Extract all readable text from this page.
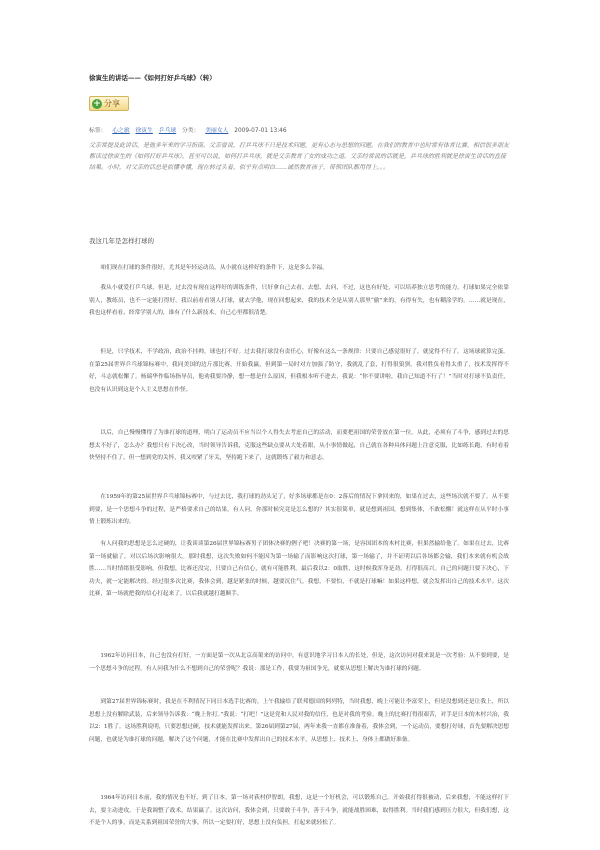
徐寅生的讲话——《如何打好乒乓球》（转）
+ 分享
标签： 心之旅 徐寅生 乒乓球 分类： 美丽女人 2009-07-01 13:46

父亲常提及此讲话，是他多年来的学习指南。父亲曾说，打乒乓球不只是技术问题，更有心态与思想的问题。在我们的教育中也时常有体育比赛，相信很多朋友都读过徐寅生的《如何打好乒乓球》，甚至可以说，如何打乒乓球，就是父亲教育了女的成功之道。父亲经常说的话就是，乒乓球的胜利就是徐寅生讲话的直接结果。小时，对父亲的话总是似懂非懂，现在转过头看，似乎有点明白……诚然教育孩子，带领团队都用得上。。。

我这几年是怎样打球的

咱们现在打球的条件很好，尤其是年轻运动员，从小就在这样好的条件下，这是多么幸福。

我从小就爱打乒乓球，但是，过去没有现在这样好的训练条件，只好拿自己去看、去想、去问、不过，这也有好处，可以培养独立思考的能力。打球如果完全依靠别人，教练员，也不一定能打得好。我以前看看别人打球，就去学他，现在回想起来，我的技术全是从别人那里“偷”来的，有得有失，也有糊涂学的。……就是现在，我也这样看看、经常学别人的，谁有了什么新技术，自己心里都很清楚。

但是，只学技术，不学政治，政治不挂帅，球也打不好。过去我打球没有责任心，好像有这么一条规律：只要自己感觉很好了，就觉得不行了。这场球就算完蛋。在第25届世界乒乓球锦标赛中，我同美国的边斤那比赛，开始我赢，但到第一局时对方加强了防守，我就乱了套，打得很狼狈。我对胜负看得太重了，技术发挥得不好，斗志就松懈了。杨瑞华作临场指导员，他劝我要冷静，想一想是什么原因，但我根本听不进去，我说：“你不要讲啦，我自己知道不行了！”当时对打球不负责任，也没有认识到这是个人主义思想在作怪。

以后，自己慢慢懂得了为谁打球的道理，明白了运动员不应当以个人得失去考虑自己的活动，而要把祖国的荣誉放在第一位。从此，必须有了斗争，感到过去的思想太不好了，怎么办？我想只有下决心改，当时领导告诉我，克服这些缺点要从大处着眼，从小事情做起，自己就在各种具体问题上注意克服，比如练长跑，有时看着快坚持不住了，但一想到党的关怀，我又咬紧了牙关，坚持跑下来了，这就锻炼了毅力和意志。

在1959年的第25届世界乒乓球锦标赛中，与过去比，我打球的劲头足了，好多场球都是在0：2落后的情况下拿回来的，如果在过去，这些场次就不要了。从不要到要，是一个思想斗争的过程，是严格要求自己的结果。有人问，你那时候究竟是怎么想的？其实很简单，就是想到祖国，想到集体，不敢松懈！就这样在从平时小事情上锻炼出来的。

有人问我的思想是怎么过硬的，让我谈谈第26届世界锦标赛男子团体决赛的例子吧！决赛的第一场，是容国团本的木村比赛，但果然输给他了。如果在过去，比赛第一场就输了，对以后场次影响很大。那时我想，这次失败如何不能因为第一场输了而影响这次打球，第一场输了，并不证明以后各场都会输，我们本来就有机会战胜……当时情绪很受影响，但我想，比赛还没完，只要自己有信心，就有可能胜利。最后我以2：0取胜，这时候我浑身是劲，打得很高兴。自己的问题只要下决心，下功夫，就一定能解决的。经过很多次比赛，我体会到，越是紧张的时候，越要沉住气。我想，不要怕，不就是打球嘛！如果这样想，就会发挥出自己的技术水平。这次比赛，第一场就把我的信心打起来了，以后我就越打越顺手。

1962年访问日本，自己也没有打好，一方面是第一次从北京高架来的访问中，有意识地学习日本人的长处，但是，这次访问对我来说是一次考验：从不要到要，是一个思想斗争的过程。有人问我为什么不想到自己的荣誉呢？我说：那是工作，我要为祖国争光，就要从思想上解决为谁打球的问题。

到第27届世界锦标赛时，我是在不利情况下同日本选手比赛的。上午我输给了联邦德国的阿列特，当时我想，晚上可能让李富荣上，但是没想到还是让我上，所以思想上没有解除武装，后来领导告诉我：“晚上你打。”我说：“打吧！”这是党和人民对我的信任，也是对我的考验。晚上的比赛打得很艰苦，对手是日本的木村兴治，我以2：1胜了。这场胜利说明，只要思想过硬，技术就能发挥出来。第26届到第27届，两年来我一直都在准备着，我体会到，一个运动员，要想打好球，首先要解决思想问题，也就是为谁打球的问题，解决了这个问题，才能在比赛中发挥出自己的技术水平，从思想上、技术上、身体上都做好准备。

1964年访问日本前，我的情况也不好，到了日本，第一场对荻村伊智朗，我想，这是一个好机会，可以锻炼自己。开始我打得很被动，后来我想，不能这样打下去，要主动进攻。于是我调整了战术，结果赢了。这次访问，我体会到，只要敢于斗争，善于斗争，就能战胜困难，取得胜利。当时我们感到压力很大，但我们想，这不是个人的事，而是关系到祖国荣誉的大事，所以一定要打好，思想上没有负担，打起来就轻松了。
